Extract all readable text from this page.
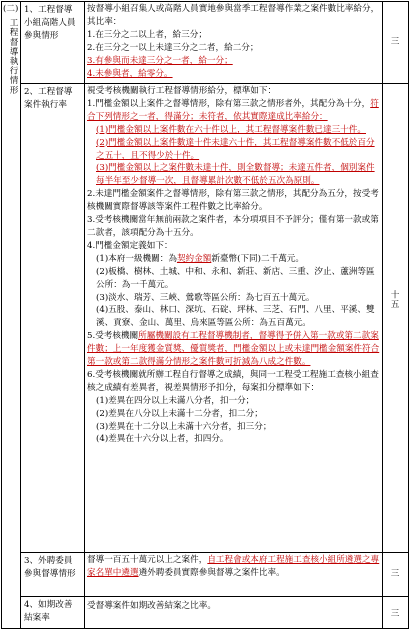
(二)
工程督導執行情形
1、工程督導小組高階人員參與情形

按督導小組召集人或高階人員實地參與當季工程督導作業之案件數比率給分，其比率：

1.在三分之二以上者，給三分；

2.在三分之一以上未達三分之二者，給二分；

3.有參與而未達三分之一者，給一分；

4.未參與者，給零分。

三
2、工程督導案件執行率

視受考核機關執行工程督導情形給分，標準如下：

1.門檻金額以上案件之督導情形，除有第三款之情形者外，其配分為十分，符合下列情形之一者，得滿分；未符者，依其實際達成比率給分：

(1)門檻金額以上案件數在六十件以上，其工程督導案件數已達三十件。

(2)門檻金額以上案件數達十件未達六十件，其工程督導案件數不低於百分之五十，且不得少於十件。

(3)門檻金額以上之案件數未達十件，則全數督導；未達五件者，個別案件每半年至少督導一次，且督導累計次數不低於五次為原則。

2.未達門檻金額案件之督導情形，除有第三款之情形，其配分為五分，按受考核機關實際督導該等案件工程件數之比率給分。

3.受考核機關當年無前兩款之案件者，本分項項目不予評分；僅有第一款或第二款者，該項配分為十五分。

4.門檻金額定義如下：

(1)本府一級機關：為契約金額新臺幣(下同)二千萬元。

(2)板橋、樹林、土城、中和、永和、新莊、新店、三重、汐止、蘆洲等區公所：為一千萬元。

(3)淡水、瑞芳、三峽、鶯歌等區公所：為七百五十萬元。

(4)五股、泰山、林口、深坑、石碇、坪林、三芝、石門、八里、平溪、雙溪、貢寮、金山、萬里、烏來區等區公所：為五百萬元。

5.受考核機關所屬機關設有工程督導機制者，督導得予併入第一款或第二款案件數；上一年度獲金質獎、優質獎者，門檻金額以上或未達門檻金額案件符合第一款或第二款得滿分情形之案件數可折減為八成之件數。

6.受考核機關就所辦工程自行督導之成績，與同一工程受工程施工查核小組查核之成績有差異者，視差異情形予扣分，每案扣分標準如下：

(1)差異在四分以上未滿八分者，扣一分；

(2)差異在八分以上未滿十二分者，扣二分；

(3)差異在十二分以上未滿十六分者，扣三分；

(4)差異在十六分以上者，扣四分。

十五
3、外聘委員參與督導情形

督導一百五十萬元以上之案件，自工程會或本府工程施工查核小組所遴選之專家名單中遴選遴外聘委員實際參與督導之案件比率。	三
4、如期改善結案率

受督導案件如期改善結案之比率。

三
